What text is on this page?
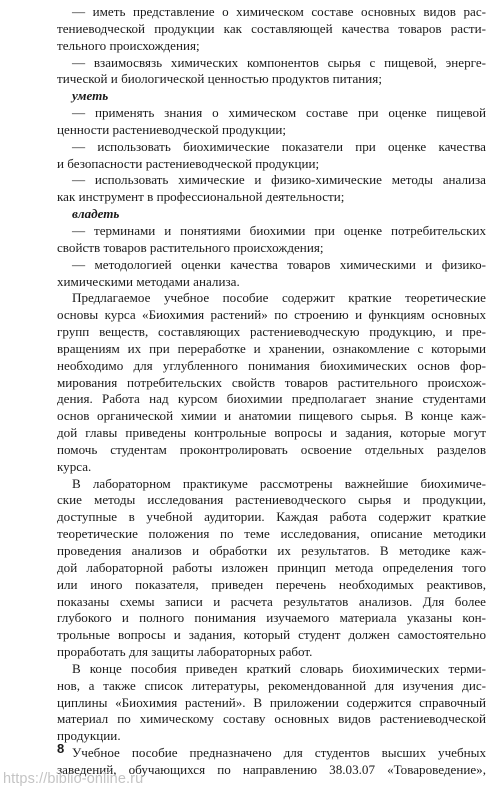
— иметь представление о химическом составе основных видов рас-
тениеводческой продукции как составляющей качества товаров расти-
тельного происхождения;
— взаимосвязь химических компонентов сырья с пищевой, энерге-
тической и биологической ценностью продуктов питания;
уметь
— применять знания о химическом составе при оценке пищевой
ценности растениеводческой продукции;
— использовать биохимические показатели при оценке качества
и безопасности растениеводческой продукции;
— использовать химические и физико-химические методы анализа
как инструмент в профессиональной деятельности;
владеть
— терминами и понятиями биохимии при оценке потребительских
свойств товаров растительного происхождения;
— методологией оценки качества товаров химическими и физико-
химическими методами анализа.
Предлагаемое учебное пособие содержит краткие теоретические
основы курса «Биохимия растений» по строению и функциям основных
групп веществ, составляющих растениеводческую продукцию, и пре-
вращениям их при переработке и хранении, ознакомление с которыми
необходимо для углубленного понимания биохимических основ фор-
мирования потребительских свойств товаров растительного происхож-
дения. Работа над курсом биохимии предполагает знание студентами
основ органической химии и анатомии пищевого сырья. В конце каж-
дой главы приведены контрольные вопросы и задания, которые могут
помочь студентам проконтролировать освоение отдельных разделов
курса.
В лабораторном практикуме рассмотрены важнейшие биохимиче-
ские методы исследования растениеводческого сырья и продукции,
доступные в учебной аудитории. Каждая работа содержит краткие
теоретические положения по теме исследования, описание методики
проведения анализов и обработки их результатов. В методике каж-
дой лабораторной работы изложен принцип метода определения того
или иного показателя, приведен перечень необходимых реактивов,
показаны схемы записи и расчета результатов анализов. Для более
глубокого и полного понимания изучаемого материала указаны кон-
трольные вопросы и задания, который студент должен самостоятельно
проработать для защиты лабораторных работ.
В конце пособия приведен краткий словарь биохимических терми-
нов, а также список литературы, рекомендованной для изучения дис-
циплины «Биохимия растений». В приложении содержится справочный
материал по химическому составу основных видов растениеводческой
продукции.
Учебное пособие предназначено для студентов высших учебных
заведений, обучающихся по направлению 38.03.07 «Товароведение»,
8
https://biblio-online.ru
